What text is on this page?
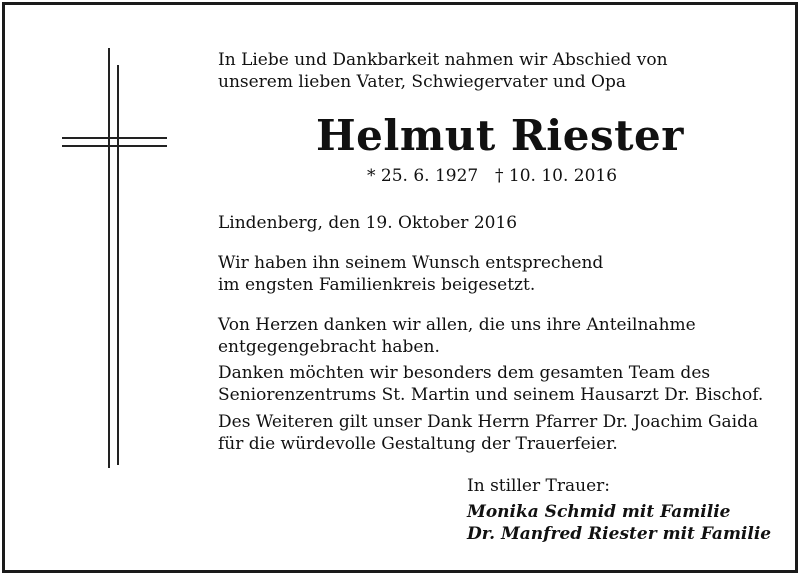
In Liebe und Dankbarkeit nahmen wir Abschied von
unserem lieben Vater, Schwiegervater und Opa
Helmut Riester
* 25. 6. 1927 † 10. 10. 2016
Lindenberg, den 19. Oktober 2016
Wir haben ihn seinem Wunsch entsprechend
im engsten Familienkreis beigesetzt.
Von Herzen danken wir allen, die uns ihre Anteilnahme
entgegengebracht haben.
Danken möchten wir besonders dem gesamten Team des
Seniorenzentrums St. Martin und seinem Hausarzt Dr. Bischof.
Des Weiteren gilt unser Dank Herrn Pfarrer Dr. Joachim Gaida
für die würdevolle Gestaltung der Trauerfeier.
In stiller Trauer:
Monika Schmid mit Familie
Dr. Manfred Riester mit Familie
